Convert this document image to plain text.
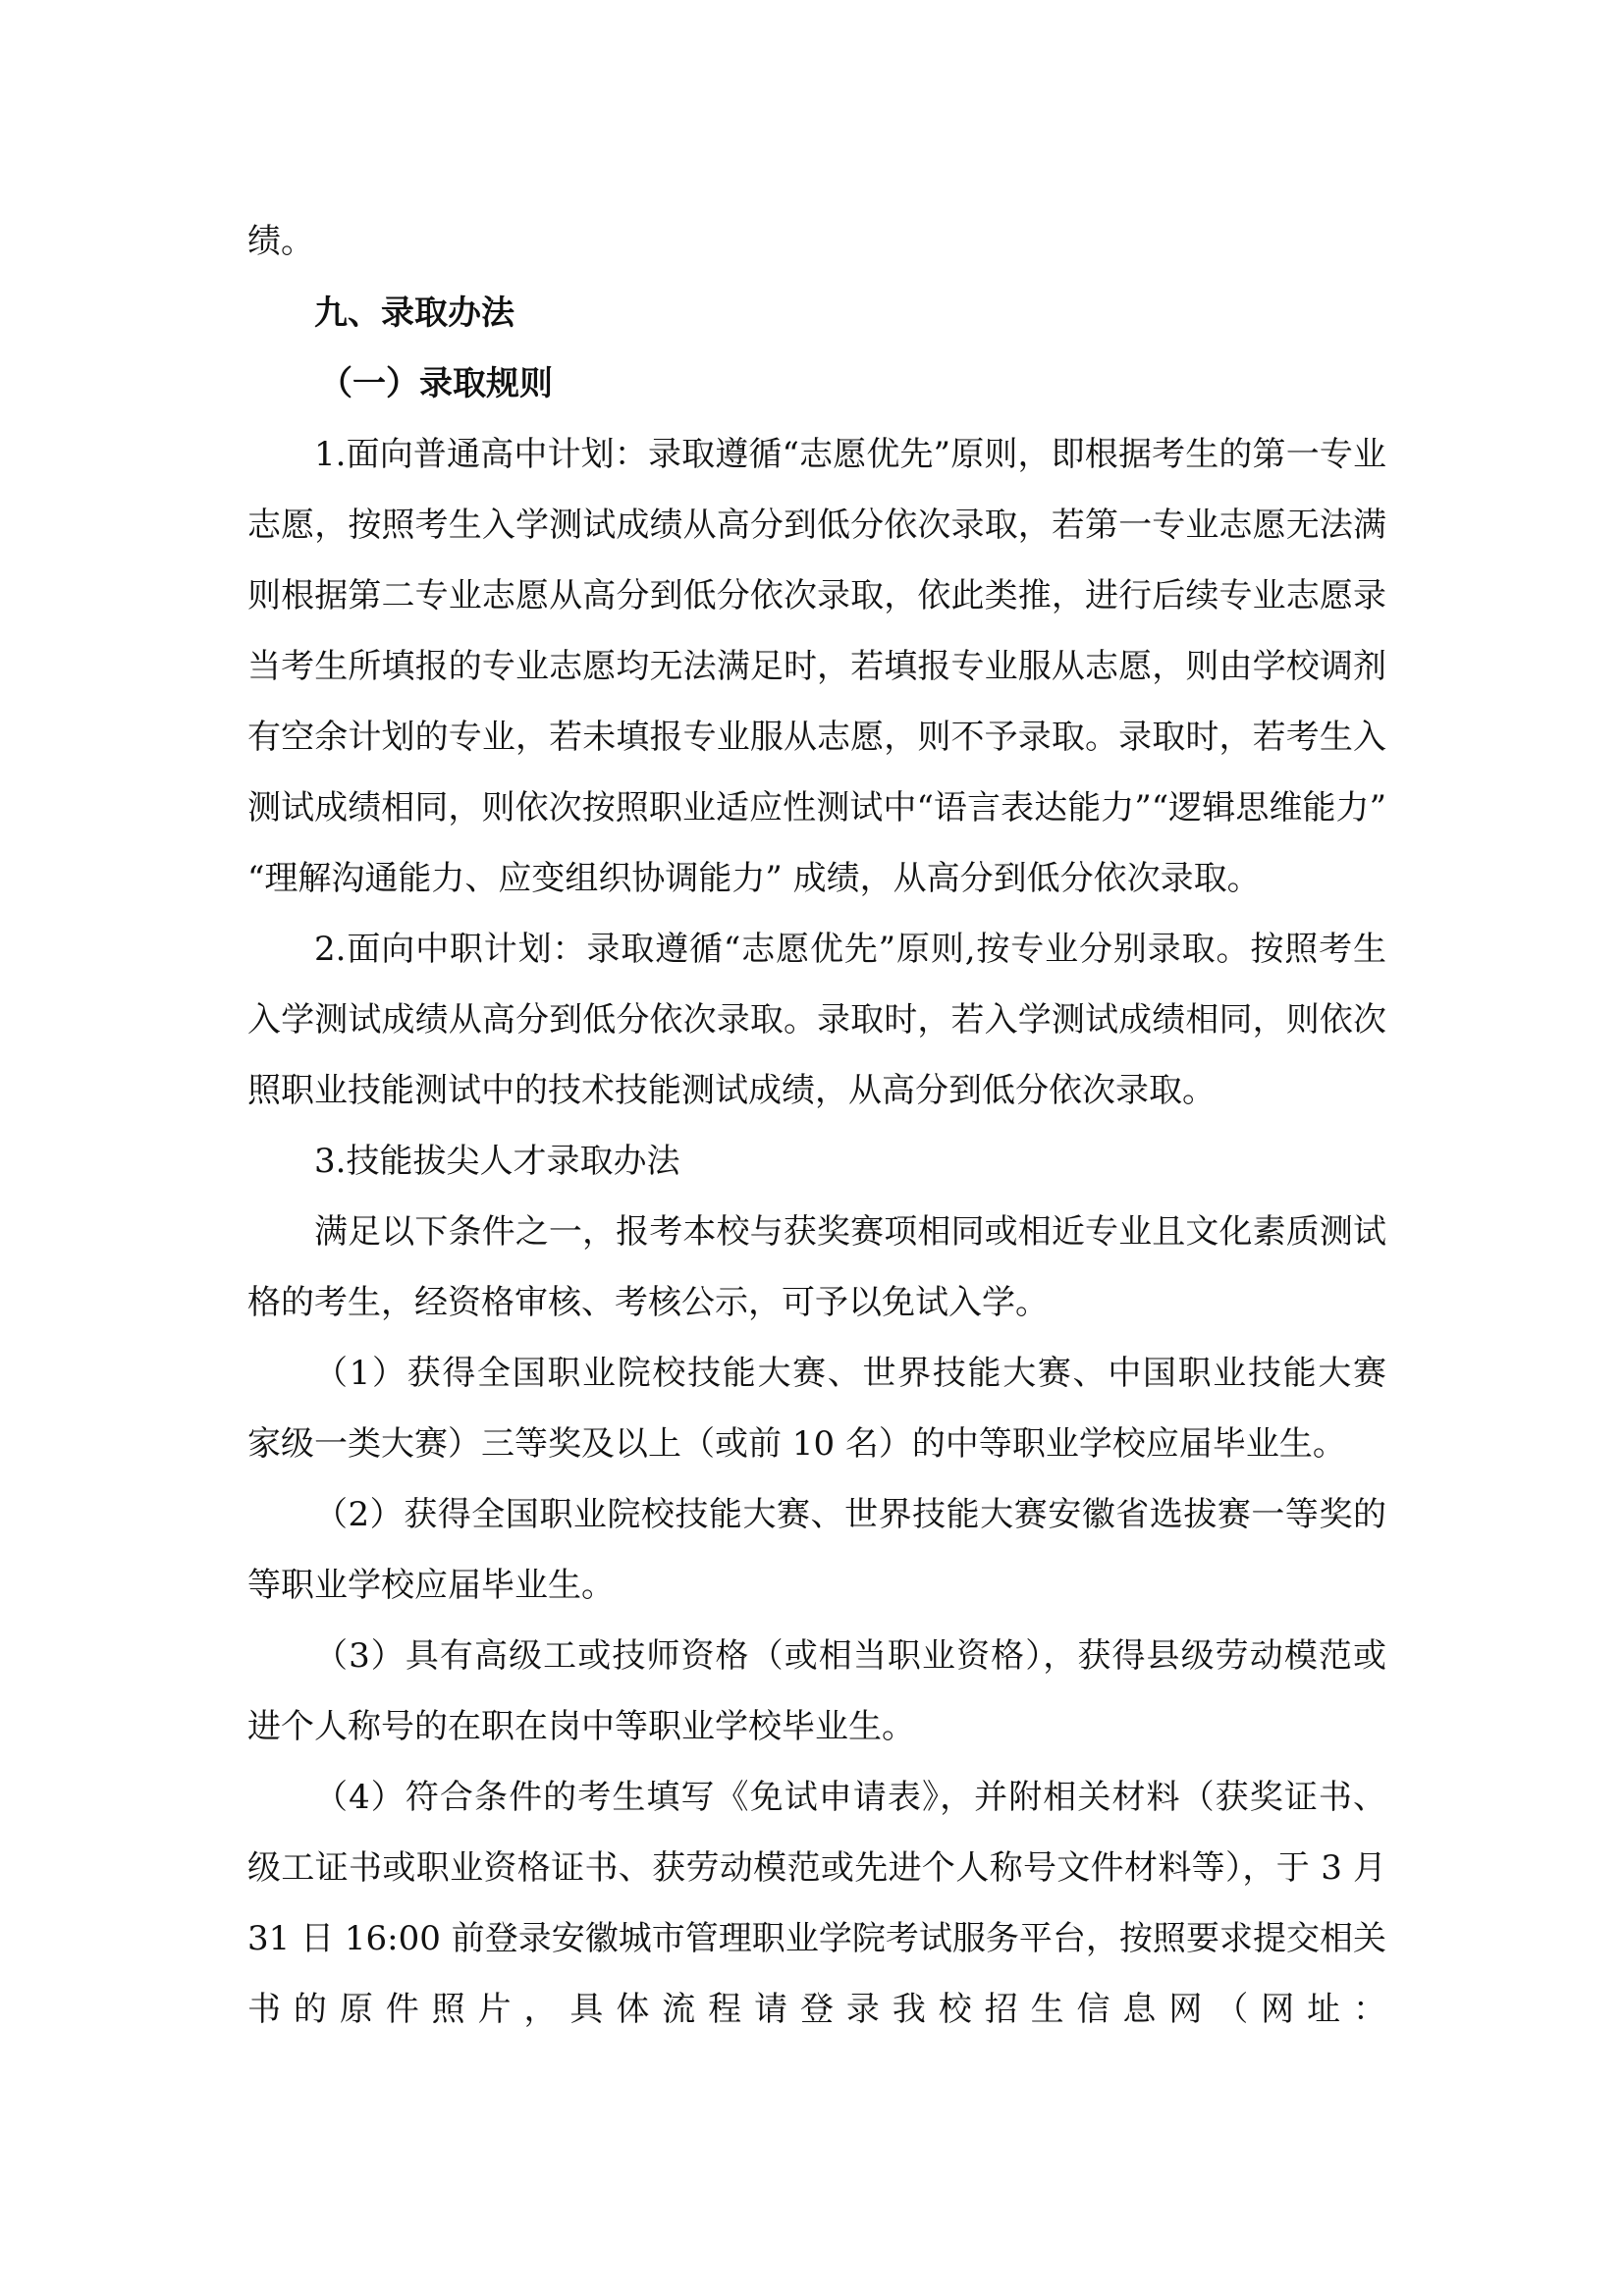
绩。
九、录取办法
（一）录取规则
1.面向普通高中计划：录取遵循“志愿优先”原则，即根据考生的第一专业
志愿，按照考生入学测试成绩从高分到低分依次录取，若第一专业志愿无法满
则根据第二专业志愿从高分到低分依次录取，依此类推，进行后续专业志愿录
当考生所填报的专业志愿均无法满足时，若填报专业服从志愿，则由学校调剂
有空余计划的专业，若未填报专业服从志愿，则不予录取。录取时，若考生入
测试成绩相同，则依次按照职业适应性测试中“语言表达能力”“逻辑思维能力”
“理解沟通能力、应变组织协调能力” 成绩，从高分到低分依次录取。
2.面向中职计划：录取遵循“志愿优先”原则,按专业分别录取。按照考生
入学测试成绩从高分到低分依次录取。录取时，若入学测试成绩相同，则依次
照职业技能测试中的技术技能测试成绩，从高分到低分依次录取。
3.技能拔尖人才录取办法
满足以下条件之一，报考本校与获奖赛项相同或相近专业且文化素质测试
格的考生，经资格审核、考核公示，可予以免试入学。
（1）获得全国职业院校技能大赛、世界技能大赛、中国职业技能大赛
家级一类大赛）三等奖及以上（或前 10 名）的中等职业学校应届毕业生。
（2）获得全国职业院校技能大赛、世界技能大赛安徽省选拔赛一等奖的
等职业学校应届毕业生。
（3）具有高级工或技师资格（或相当职业资格），获得县级劳动模范或
进个人称号的在职在岗中等职业学校毕业生。
（4）符合条件的考生填写《免试申请表》，并附相关材料（获奖证书、
级工证书或职业资格证书、获劳动模范或先进个人称号文件材料等），于 3 月
31 日 16:00 前登录安徽城市管理职业学院考试服务平台，按照要求提交相关
书 的 原 件 照 片 ， 具 体 流 程 请 登 录 我 校 招 生 信 息 网 （ 网 址 ：
